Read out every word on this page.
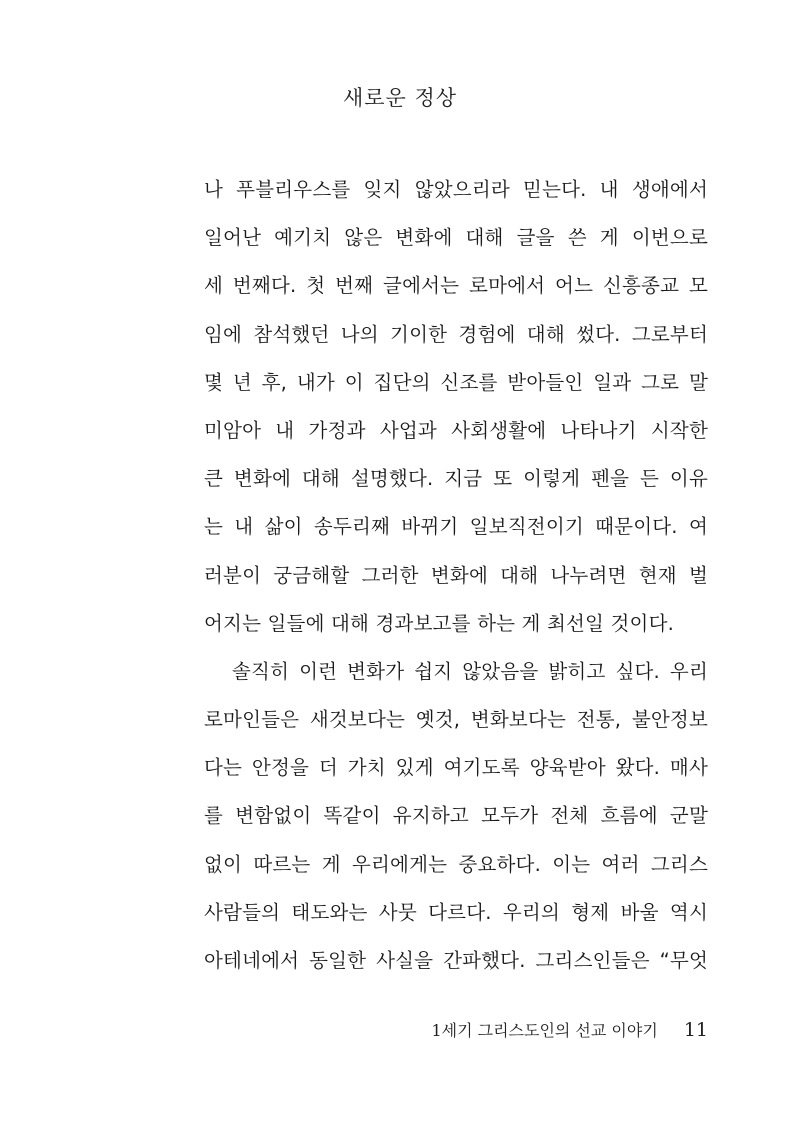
새로운 정상
나 푸블리우스를 잊지 않았으리라 믿는다. 내 생애에서
일어난 예기치 않은 변화에 대해 글을 쓴 게 이번으로
세 번째다. 첫 번째 글에서는 로마에서 어느 신흥종교 모
임에 참석했던 나의 기이한 경험에 대해 썼다. 그로부터
몇 년 후, 내가 이 집단의 신조를 받아들인 일과 그로 말
미암아 내 가정과 사업과 사회생활에 나타나기 시작한
큰 변화에 대해 설명했다. 지금 또 이렇게 펜을 든 이유
는 내 삶이 송두리째 바뀌기 일보직전이기 때문이다. 여
러분이 궁금해할 그러한 변화에 대해 나누려면 현재 벌
어지는 일들에 대해 경과보고를 하는 게 최선일 것이다.
솔직히 이런 변화가 쉽지 않았음을 밝히고 싶다. 우리
로마인들은 새것보다는 옛것, 변화보다는 전통, 불안정보
다는 안정을 더 가치 있게 여기도록 양육받아 왔다. 매사
를 변함없이 똑같이 유지하고 모두가 전체 흐름에 군말
없이 따르는 게 우리에게는 중요하다. 이는 여러 그리스
사람들의 태도와는 사뭇 다르다. 우리의 형제 바울 역시
아테네에서 동일한 사실을 간파했다. 그리스인들은 “무엇
1세기 그리스도인의 선교 이야기 11
